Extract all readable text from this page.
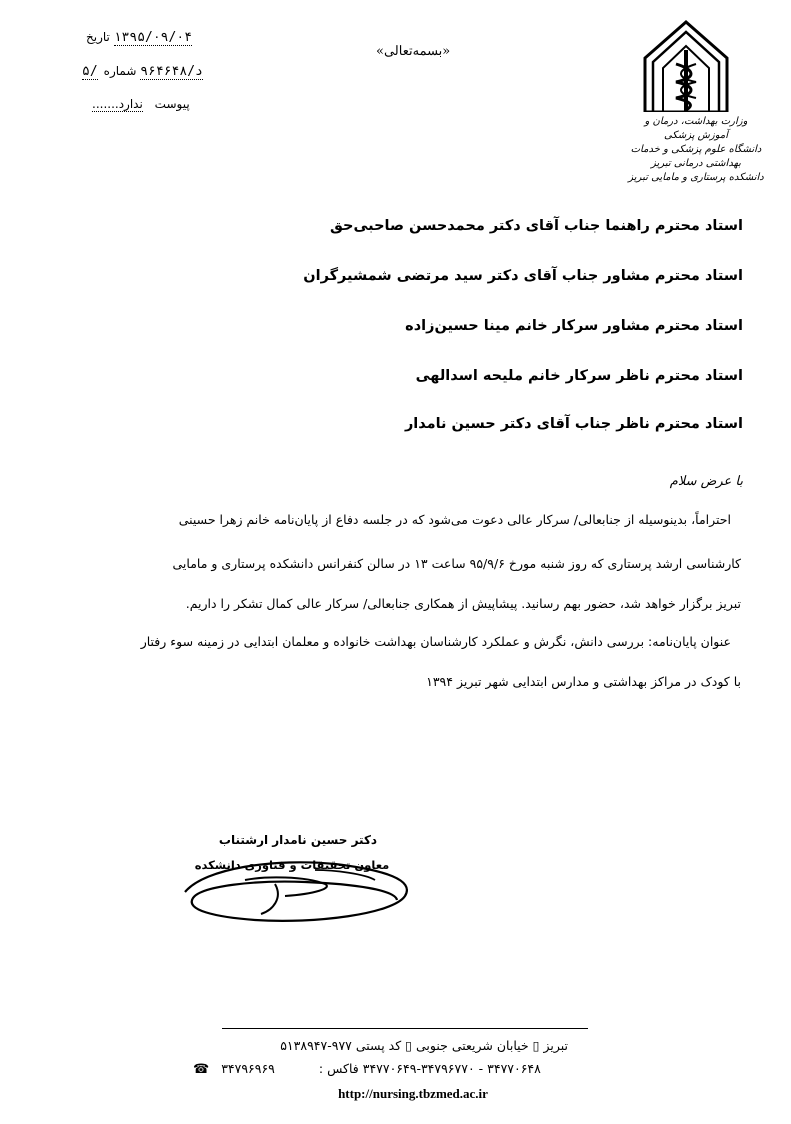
۱۳۹۵/۰۹/۰۴ تاریخ
۵/د/۹۶۴۶۴۸ شماره
.......ندارد پیوست
«بسمه‌تعالی»
وزارت بهداشت، درمان و آموزش پزشکی
دانشگاه علوم پزشکی و خدمات بهداشتی درمانی تبریز
دانشکده پرستاری و مامایی تبریز
استاد محترم راهنما جناب آقای دکتر محمدحسن صاحبی‌حق
استاد محترم مشاور جناب آقای دکتر سید مرتضی شمشیرگران
استاد محترم مشاور سرکار خانم مینا حسین‌زاده
استاد محترم ناظر سرکار خانم ملیحه اسدالهی
استاد محترم ناظر جناب آقای دکتر حسین نامدار
با عرض سلام
احتراماً، بدینوسیله از جنابعالی/ سرکار عالی دعوت می‌شود که در جلسه دفاع از پایان‌نامه خانم زهرا حسینی
کارشناسی ارشد پرستاری که روز شنبه مورخ ۹۵/۹/۶ ساعت ۱۳ در سالن کنفرانس دانشکده پرستاری و مامایی
تبریز برگزار خواهد شد، حضور بهم رسانید. پیشاپیش از همکاری جنابعالی/ سرکار عالی کمال تشکر را داریم.
عنوان پایان‌نامه: بررسی دانش، نگرش و عملکرد کارشناسان بهداشت خانواده و معلمان ابتدایی در زمینه سوء رفتار
با کودک در مراکز بهداشتی و مدارس ابتدایی شهر تبریز ۱۳۹۴
دکتر حسین نامدار ارشتناب
معاون تحقیقات و فناوری دانشکده
تبریز ▯ خیابان شریعتی جنوبی ▯ کد پستی ۹۷۷-۵۱۳۸۹۴۷
☎	۳۴۷۷۰۶۴۸ - ۳۴۷۷۰۶۴۹-۳۴۷۹۶۷۷۰ فاکس : ۳۴۷۹۶۹۶۹
http://nursing.tbzmed.ac.ir
